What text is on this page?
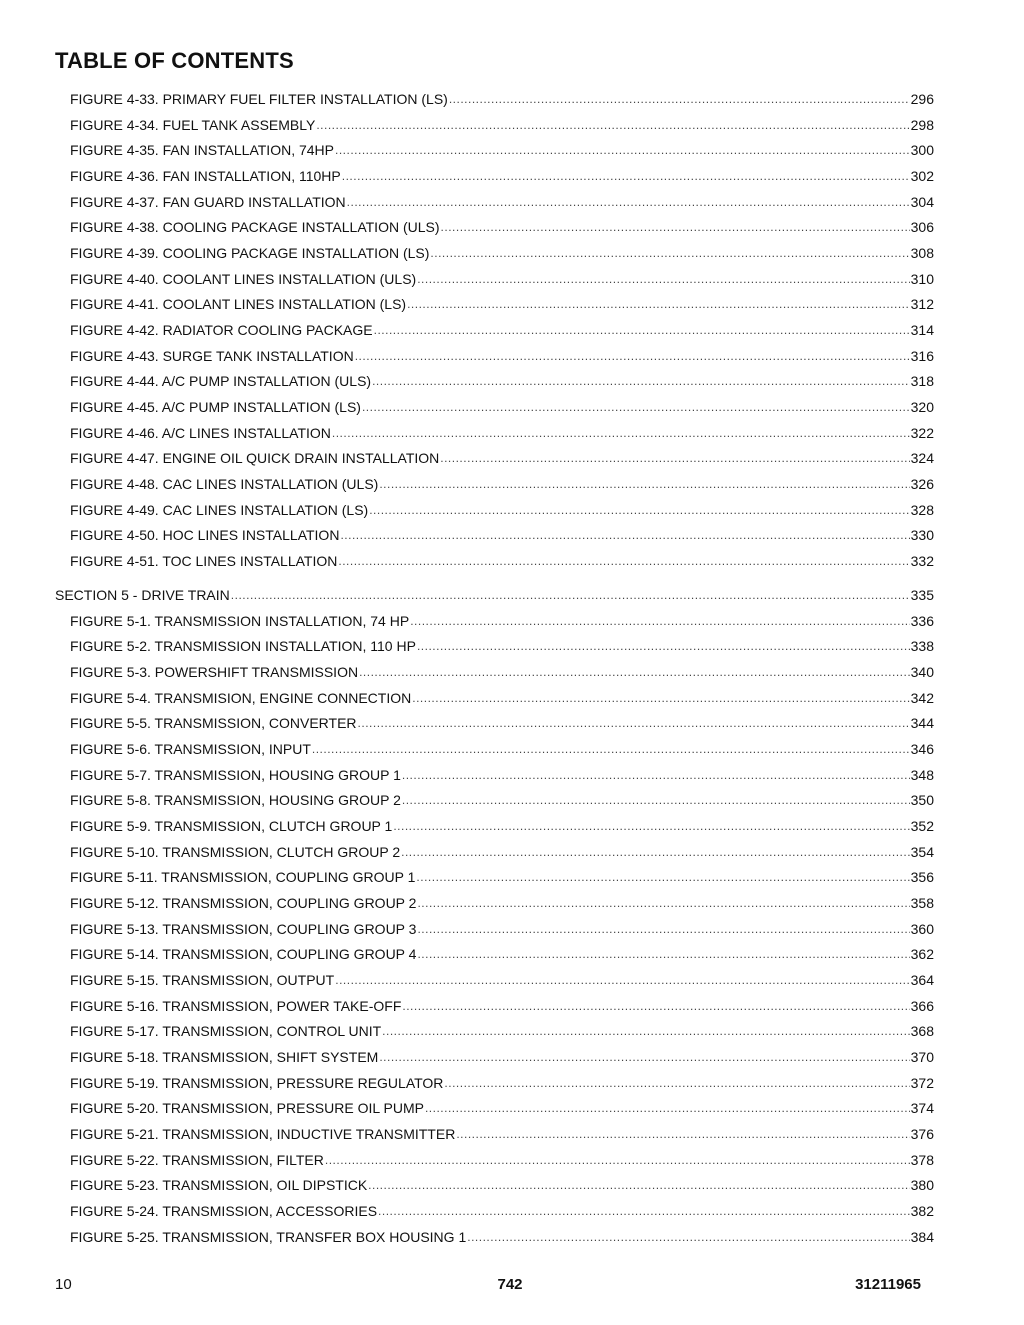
TABLE OF CONTENTS
FIGURE 4-33. PRIMARY FUEL FILTER INSTALLATION (LS) .....	296
FIGURE 4-34. FUEL TANK ASSEMBLY .....	298
FIGURE 4-35. FAN INSTALLATION, 74HP .....	300
FIGURE 4-36. FAN INSTALLATION, 110HP .....	302
FIGURE 4-37. FAN GUARD INSTALLATION .....	304
FIGURE 4-38. COOLING PACKAGE INSTALLATION (ULS) .....	306
FIGURE 4-39. COOLING PACKAGE INSTALLATION (LS) .....	308
FIGURE 4-40. COOLANT LINES INSTALLATION (ULS) .....	310
FIGURE 4-41. COOLANT LINES INSTALLATION (LS) .....	312
FIGURE 4-42. RADIATOR COOLING PACKAGE .....	314
FIGURE 4-43. SURGE TANK INSTALLATION .....	316
FIGURE 4-44. A/C PUMP INSTALLATION (ULS) .....	318
FIGURE 4-45. A/C PUMP INSTALLATION (LS) .....	320
FIGURE 4-46. A/C LINES INSTALLATION .....	322
FIGURE 4-47. ENGINE OIL QUICK DRAIN INSTALLATION .....	324
FIGURE 4-48. CAC LINES INSTALLATION (ULS) .....	326
FIGURE 4-49. CAC LINES INSTALLATION (LS) .....	328
FIGURE 4-50. HOC LINES INSTALLATION .....	330
FIGURE 4-51. TOC LINES INSTALLATION .....	332
SECTION 5 - DRIVE TRAIN .....	335
FIGURE 5-1. TRANSMISSION INSTALLATION, 74 HP .....	336
FIGURE 5-2. TRANSMISSION INSTALLATION, 110 HP .....	338
FIGURE 5-3. POWERSHIFT TRANSMISSION .....	340
FIGURE 5-4. TRANSMISION, ENGINE CONNECTION .....	342
FIGURE 5-5. TRANSMISSION, CONVERTER .....	344
FIGURE 5-6. TRANSMISSION, INPUT .....	346
FIGURE 5-7. TRANSMISSION, HOUSING GROUP 1 .....	348
FIGURE 5-8. TRANSMISSION, HOUSING GROUP 2 .....	350
FIGURE 5-9. TRANSMISSION, CLUTCH GROUP 1 .....	352
FIGURE 5-10. TRANSMISSION, CLUTCH GROUP 2 .....	354
FIGURE 5-11. TRANSMISSION, COUPLING GROUP 1 .....	356
FIGURE 5-12. TRANSMISSION, COUPLING GROUP 2 .....	358
FIGURE 5-13. TRANSMISSION, COUPLING GROUP 3 .....	360
FIGURE 5-14. TRANSMISSION, COUPLING GROUP 4 .....	362
FIGURE 5-15. TRANSMISSION, OUTPUT .....	364
FIGURE 5-16. TRANSMISSION, POWER TAKE-OFF .....	366
FIGURE 5-17. TRANSMISSION, CONTROL UNIT .....	368
FIGURE 5-18. TRANSMISSION, SHIFT SYSTEM .....	370
FIGURE 5-19. TRANSMISSION, PRESSURE REGULATOR .....	372
FIGURE 5-20. TRANSMISSION, PRESSURE OIL PUMP .....	374
FIGURE 5-21. TRANSMISSION, INDUCTIVE TRANSMITTER .....	376
FIGURE 5-22. TRANSMISSION, FILTER .....	378
FIGURE 5-23. TRANSMISSION, OIL DIPSTICK .....	380
FIGURE 5-24. TRANSMISSION, ACCESSORIES .....	382
FIGURE 5-25. TRANSMISSION, TRANSFER BOX HOUSING 1 .....	384
10	742	31211965
